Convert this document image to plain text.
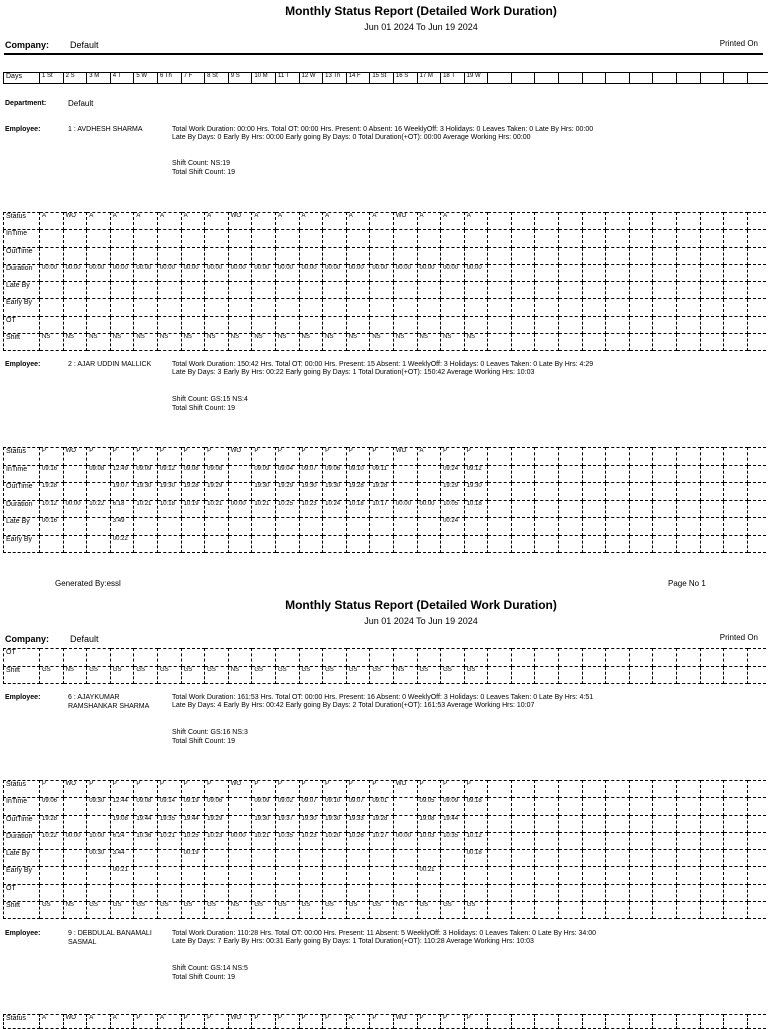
Monthly Status Report (Detailed Work Duration)
Jun 01 2024 To Jun 19 2024
Company: Default	Printed On
Days	1 St	2 S	3 M	4 T	5 W	6 Th	7 F	8 St	9 S	10 M	11 T	12 W	13 Th	14 F	15 St	16 S	17 M	18 T	19 W												
Department:	Default
Employee:	1 : AVDHESH SHARMA	Total Work Duration: 00:00 Hrs. Total OT: 00:00 Hrs. Present: 0 Absent: 16 WeeklyOff: 3 Holidays: 0 Leaves Taken: 0 Late By Hrs: 00:00 Late By Days: 0 Early By Hrs: 00:00 Early going By Days: 0 Total Duration(+OT): 00:00 Average Working Hrs: 00:00
Shift Count: NS:19
Total Shift Count: 19
Status	A	WO	A	A	A	A	A	A	WO	A	A	A	A	A	A	WO	A	A	A												
InTime																															
OutTime																															
Duration	00:00	00:00	00:00	00:00	00:00	00:00	00:00	00:00	00:00	00:00	00:00	00:00	00:00	00:00	00:00	00:00	00:00	00:00	00:00												
Late By																															
Early By																															
OT																															
Shift	NS	NS	NS	NS	NS	NS	NS	NS	NS	NS	NS	NS	NS	NS	NS	NS	NS	NS	NS												
Employee:	2 : AJAR UDDIN MALLICK	Total Work Duration: 150:42 Hrs. Total OT: 00:00 Hrs. Present: 15 Absent: 1 WeeklyOff: 3 Holidays: 0 Leaves Taken: 0 Late By Hrs: 4:29 Late By Days: 3 Early By Hrs: 00:22 Early going By Days: 1 Total Duration(+OT): 150:42 Average Working Hrs: 10:03
Shift Count: GS:15 NS:4
Total Shift Count: 19
Status	P	WO	P	P	P	P	P	P	WO	P	P	P	P	P	P	WO	A	P	P												
InTime	09:16		09:08	12:49	09:09	09:12	09:08	09:08		09:09	09:04	09:07	09:06	09:10	09:11			09:24	09:12												
OutTime	19:28			19:07	19:30	19:30	19:28	19:29		19:30	19:29	19:30	19:30	19:28	19:28			19:29	19:30												
Duration	10:12	00:00	10:22	6:18	10:21	10:18	10:19	10:21	00:00	10:21	10:25	10:23	10:24	10:18	10:17	00:00	00:00	10:05	10:18												
Late By	00:16			3:49														00:24													
Early By				00:22																											
Generated By:essl	Page No 1
Monthly Status Report (Detailed Work Duration)
Jun 01 2024 To Jun 19 2024
Company: Default	Printed On
OT																															
Shift	GS	NS	GS	GS	GS	GS	GS	GS	NS	GS	GS	GS	GS	GS	GS	NS	GS	GS	GS												
Employee:	6 : AJAYKUMAR
RAMSHANKAR SHARMA
Total Work Duration: 161:53 Hrs. Total OT: 00:00 Hrs. Present: 16 Absent: 0 WeeklyOff: 3 Holidays: 0 Leaves Taken: 0 Late By Hrs: 4:51 Late By Days: 4 Early By Hrs: 00:42 Early going By Days: 2 Total Duration(+OT): 161:53 Average Working Hrs: 10:07
Shift Count: GS:16 NS:3
Total Shift Count: 19
Status	P	WO	P	P	P	P	P	P	WO	P	P	P	P	P	P	WO	P	P	P												
InTime	09:06		09:30	12:44	09:08	09:14	09:19	09:06		09:09	09:02	09:07	09:10	09:07	09:01		09:05	09:09	09:18												
OutTime	19:28			19:08	19:44	19:35	19:44	19:29		19:30	19:37	19:30	19:30	19:33	19:28		19:08	19:44													
Duration	10:22	00:00	10:00	6:24	10:36	10:21	10:25	10:23	00:00	10:21	10:35	10:23	10:20	10:26	10:27	00:00	10:03	10:35	10:12												
Late By			00:30	3:44			00:19												00:18												
Early By				00:21													00:21														
OT																															
Shift	GS	NS	GS	GS	GS	GS	GS	GS	NS	GS	GS	GS	GS	GS	GS	NS	GS	GS	GS												
Employee:	9 : DEBDULAL BANAMALI
SASMAL
Total Work Duration: 110:28 Hrs. Total OT: 00:00 Hrs. Present: 11 Absent: 5 WeeklyOff: 3 Holidays: 0 Leaves Taken: 0 Late By Hrs: 34:00 Late By Days: 7 Early By Hrs: 00:31 Early going By Days: 1 Total Duration(+OT): 110:28 Average Working Hrs: 10:03
Shift Count: GS:14 NS:5
Total Shift Count: 19
Status	A	WO	A	A	P	A	P	P	WO	P	P	P	P	A	P	WO	P	P	P												
